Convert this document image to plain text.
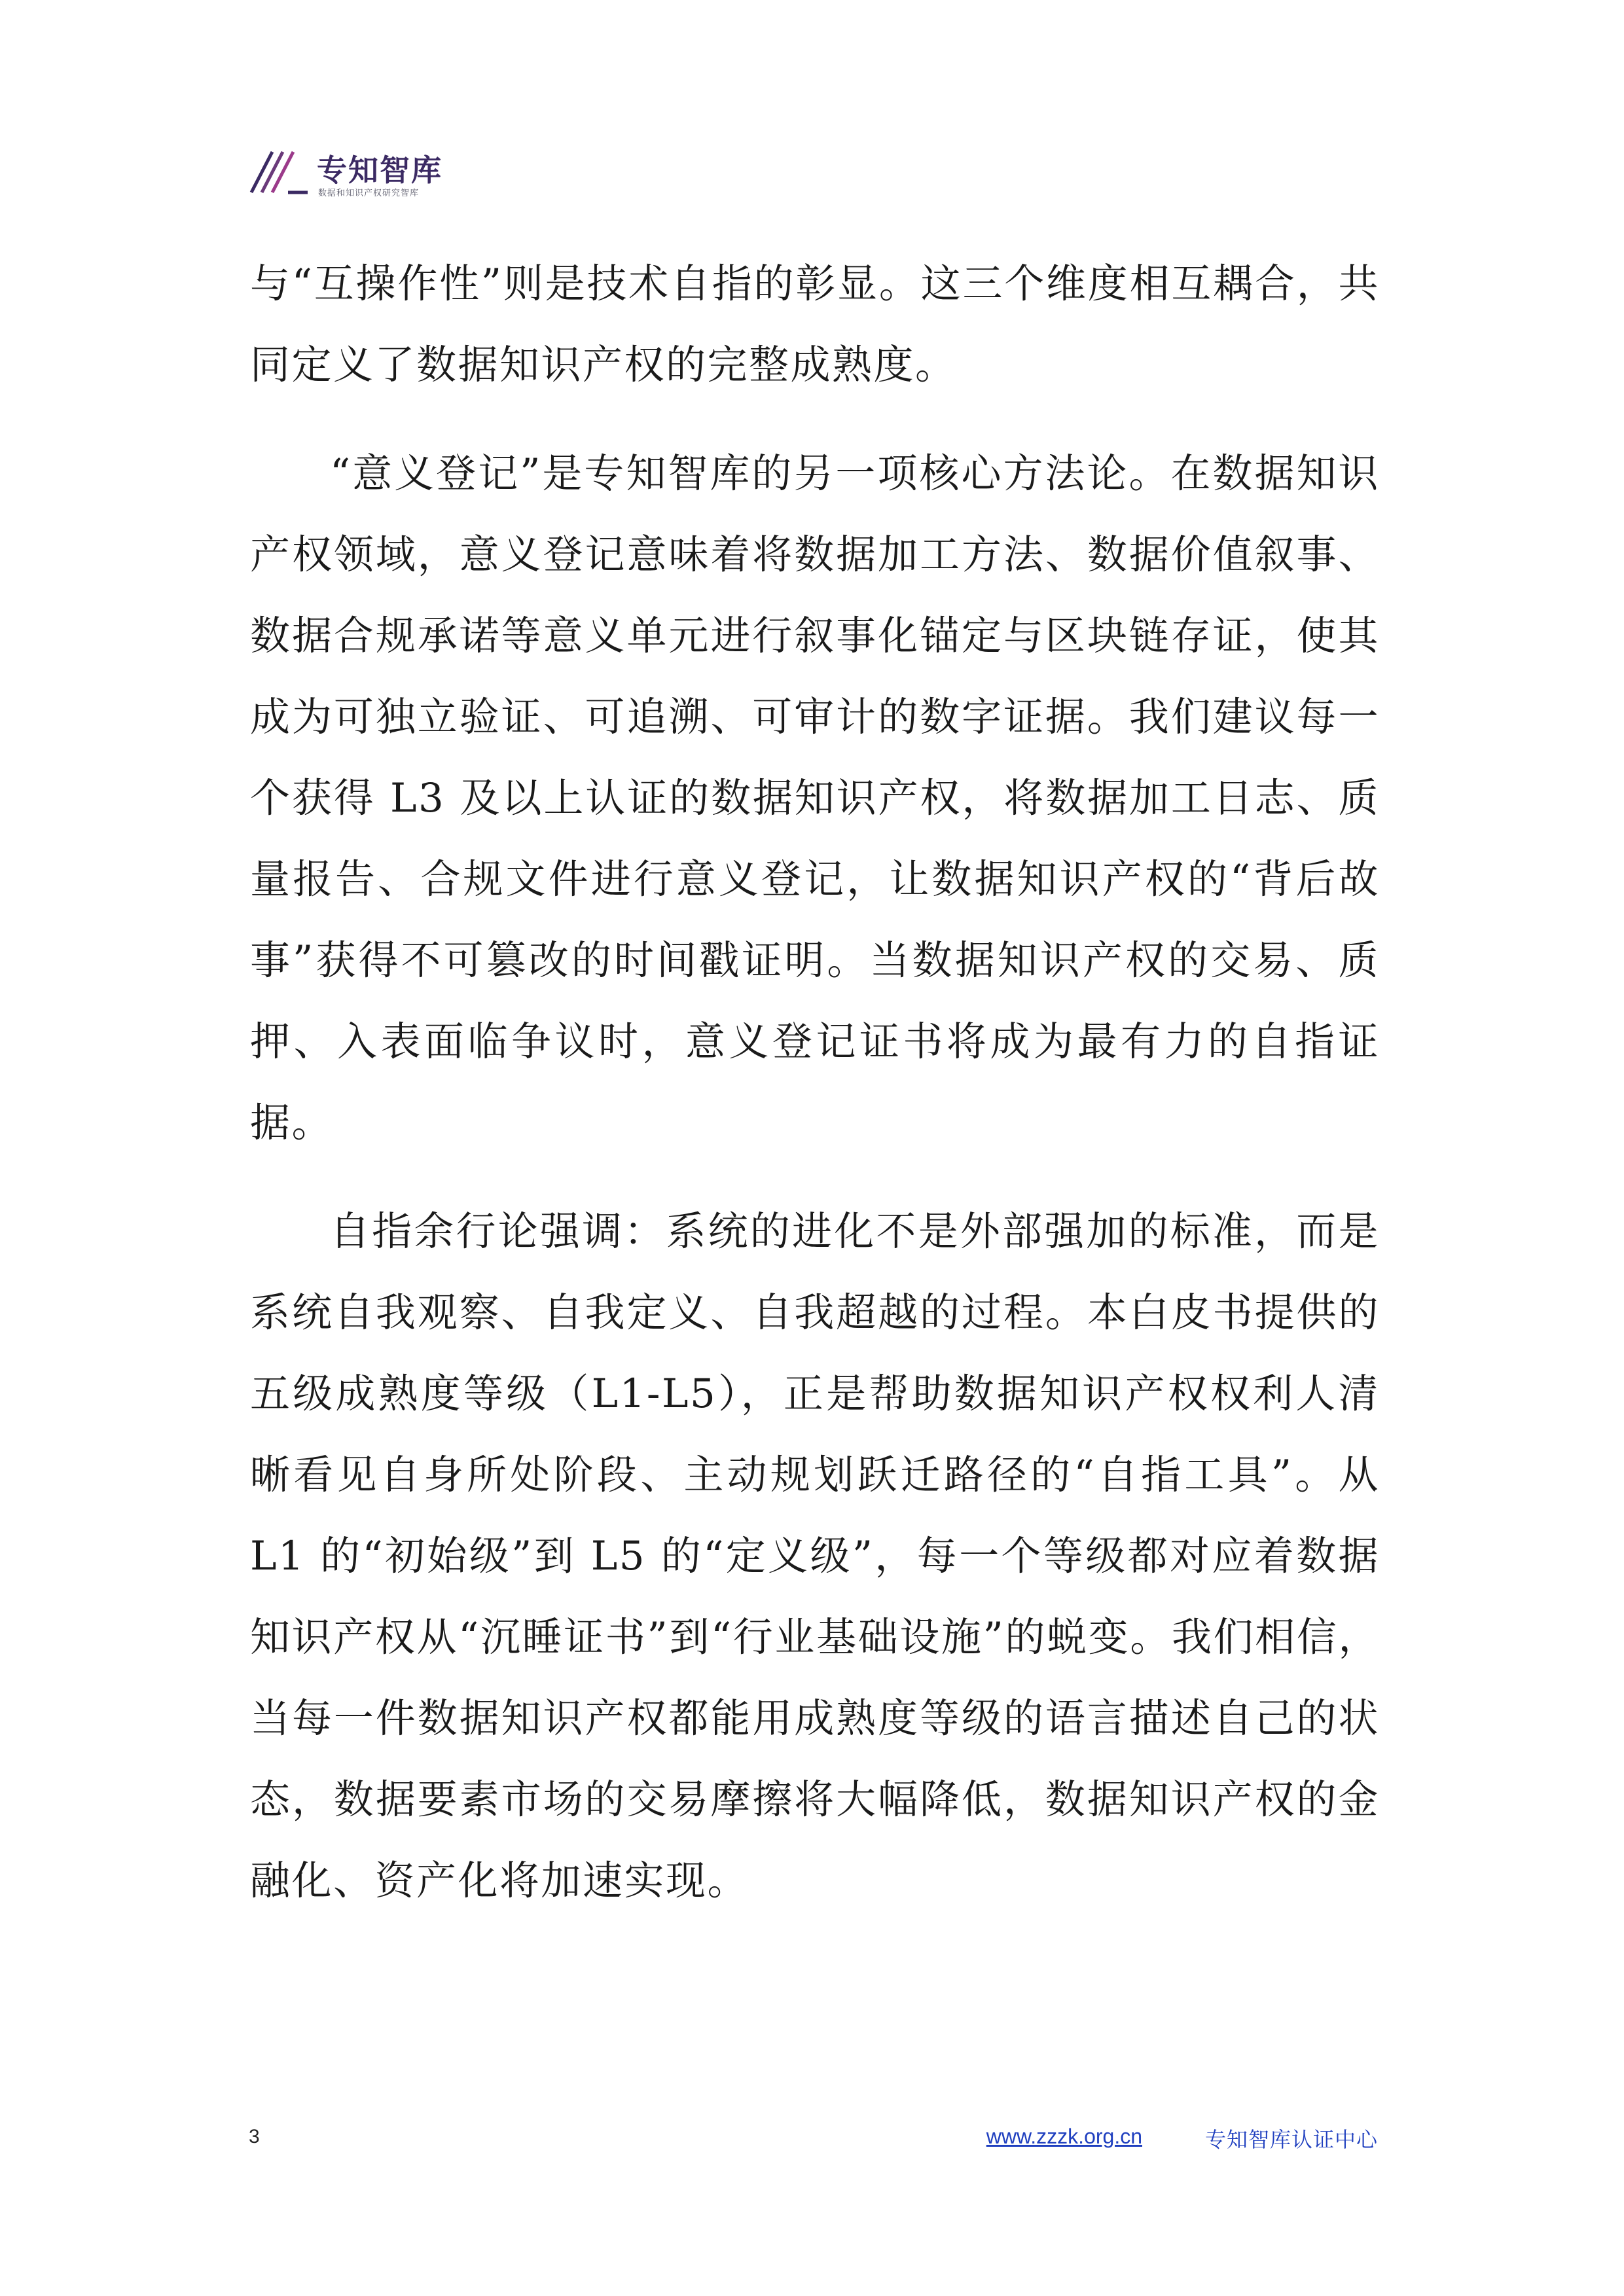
专知智库
数据和知识产权研究智库

与“互操作性”则是技术自指的彰显。这三个维度相互耦合，共同定义了数据知识产权的完整成熟度。

“意义登记”是专知智库的另一项核心方法论。在数据知识产权领域，意义登记意味着将数据加工方法、数据价值叙事、数据合规承诺等意义单元进行叙事化锚定与区块链存证，使其成为可独立验证、可追溯、可审计的数字证据。我们建议每一个获得 L3 及以上认证的数据知识产权，将数据加工日志、质量报告、合规文件进行意义登记，让数据知识产权的“背后故事”获得不可篡改的时间戳证明。当数据知识产权的交易、质押、入表面临争议时，意义登记证书将成为最有力的自指证据。

自指余行论强调：系统的进化不是外部强加的标准，而是系统自我观察、自我定义、自我超越的过程。本白皮书提供的五级成熟度等级（L1-L5），正是帮助数据知识产权权利人清晰看见自身所处阶段、主动规划跃迁路径的“自指工具”。从 L1 的“初始级”到 L5 的“定义级”，每一个等级都对应着数据知识产权从“沉睡证书”到“行业基础设施”的蜕变。我们相信，当每一件数据知识产权都能用成熟度等级的语言描述自己的状态，数据要素市场的交易摩擦将大幅降低，数据知识产权的金融化、资产化将加速实现。

3	www.zzzk.org.cn	专知智库认证中心
